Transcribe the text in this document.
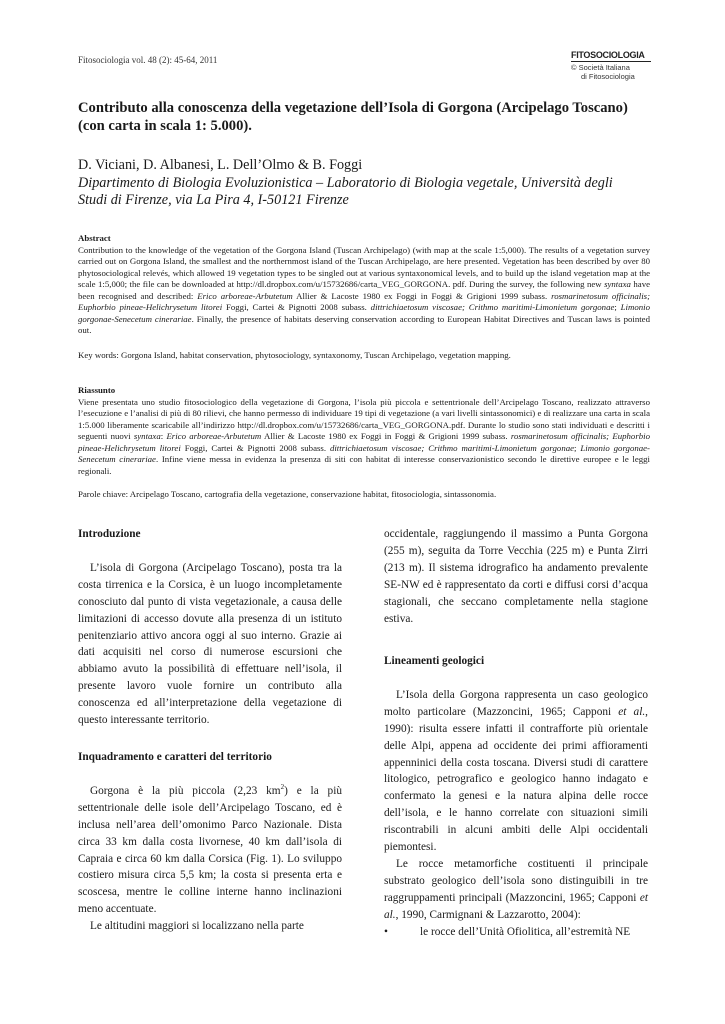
Fitosociologia vol. 48 (2): 45-64, 2011	FITOSOCIOLOGIA
© Società Italiana
di Fitosociologia
Contributo alla conoscenza della vegetazione dell’Isola di Gorgona (Arcipelago Toscano)
(con carta in scala 1: 5.000).
D. Viciani, D. Albanesi, L. Dell’Olmo & B. Foggi
Dipartimento di Biologia Evoluzionistica – Laboratorio di Biologia vegetale, Università degli
Studi di Firenze, via La Pira 4, I-50121 Firenze
Abstract

Contribution to the knowledge of the vegetation of the Gorgona Island (Tuscan Archipelago) (with map at the scale 1:5,000). The results of a vegetation survey carried out on Gorgona Island, the smallest and the northernmost island of the Tuscan Archipelago, are here presented. Vegetation has been described by over 80 phytosociological relevés, which allowed 19 vegetation types to be singled out at various syntaxonomical levels, and to build up the island vegetation map at the scale 1:5,000; the file can be downloaded at http://dl.dropbox.com/u/15732686/carta_VEG_GORGONA. pdf. During the survey, the following new syntaxa have been recognised and described: Erico arboreae-Arbutetum Allier & Lacoste 1980 ex Foggi in Foggi & Grigioni 1999 subass. rosmarinetosum officinalis; Euphorbio pineae-Helichrysetum litorei Foggi, Cartei & Pignotti 2008 subass. dittrichiaetosum viscosae; Crithmo maritimi-Limonietum gorgonae; Limonio gorgonae-Senecetum cinerariae. Finally, the presence of habitats deserving conservation according to European Habitat Directives and Tuscan laws is pointed out.

Key words: Gorgona Island, habitat conservation, phytosociology, syntaxonomy, Tuscan Archipelago, vegetation mapping.
Riassunto

Viene presentata uno studio fitosociologico della vegetazione di Gorgona, l’isola più piccola e settentrionale dell’Arcipelago Toscano, realizzato attraverso l’esecuzione e l’analisi di più di 80 rilievi, che hanno permesso di individuare 19 tipi di vegetazione (a vari livelli sintassonomici) e di realizzare una carta in scala 1:5.000 liberamente scaricabile all’indirizzo http://dl.dropbox.com/u/15732686/carta_VEG_GORGONA.pdf. Durante lo studio sono stati individuati e descritti i seguenti nuovi syntaxa: Erico arboreae-Arbutetum Allier & Lacoste 1980 ex Foggi in Foggi & Grigioni 1999 subass. rosmarinetosum officinalis; Euphorbio pineae-Helichrysetum litorei Foggi, Cartei & Pignotti 2008 subass. dittrichiaetosum viscosae; Crithmo maritimi-Limonietum gorgonae; Limonio gorgonae-Senecetum cinerariae. Infine viene messa in evidenza la presenza di siti con habitat di interesse conservazionistico secondo le direttive europee e le leggi regionali.

Parole chiave: Arcipelago Toscano, cartografia della vegetazione, conservazione habitat, fitosociologia, sintassonomia.
Introduzione

L’isola di Gorgona (Arcipelago Toscano), posta tra la costa tirrenica e la Corsica, è un luogo incompletamente conosciuto dal punto di vista vegetazionale, a causa delle limitazioni di accesso dovute alla presenza di un istituto penitenziario attivo ancora oggi al suo interno. Grazie ai dati acquisiti nel corso di numerose escursioni che abbiamo avuto la possibilità di effettuare nell’isola, il presente lavoro vuole fornire un contributo alla conoscenza ed all’interpretazione della vegetazione di questo interessante territorio.

Inquadramento e caratteri del territorio

Gorgona è la più piccola (2,23 $km^2$) e la più settentrionale delle isole dell’Arcipelago Toscano, ed è inclusa nell’area dell’omonimo Parco Nazionale. Dista circa 33 km dalla costa livornese, 40 km dall’isola di Capraia e circa 60 km dalla Corsica (Fig. 1). Lo sviluppo costiero misura circa 5,5 km; la costa si presenta erta e scoscesa, mentre le colline interne hanno inclinazioni meno accentuate.

Le altitudini maggiori si localizzano nella parte

occidentale, raggiungendo il massimo a Punta Gorgona (255 m), seguita da Torre Vecchia (225 m) e Punta Zirri (213 m). Il sistema idrografico ha andamento prevalente SE-NW ed è rappresentato da corti e diffusi corsi d’acqua stagionali, che seccano completamente nella stagione estiva.

Lineamenti geologici

L’Isola della Gorgona rappresenta un caso geologico molto particolare (Mazzoncini, 1965; Capponi et al., 1990): risulta essere infatti il contrafforte più orientale delle Alpi, appena ad occidente dei primi affioramenti appenninici della costa toscana. Diversi studi di carattere litologico, petrografico e geologico hanno indagato e confermato la genesi e la natura alpina delle rocce dell’isola, e le hanno correlate con situazioni simili riscontrabili in alcuni ambiti delle Alpi occidentali piemontesi.

Le rocce metamorfiche costituenti il principale substrato geologico dell’isola sono distinguibili in tre raggruppamenti principali (Mazzoncini, 1965; Capponi et al., 1990, Carmignani & Lazzarotto, 2004):

•	le rocce dell’Unità Ofiolitica, all’estremità NE
